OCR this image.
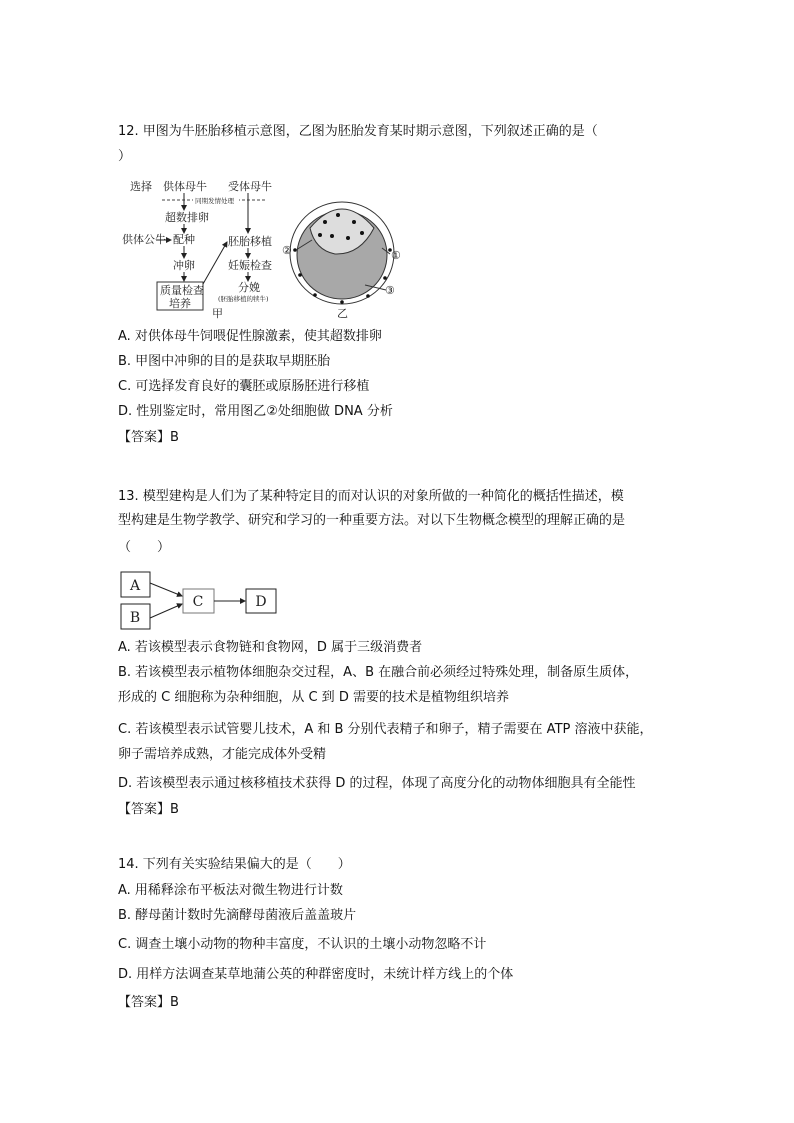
12. 甲图为牛胚胎移植示意图，乙图为胚胎发育某时期示意图，下列叙述正确的是（
）
选择 供体母牛 受体母牛
同期发情处理
超数排卵
供体公牛 配种
冲卵
质量检查
培养
胚胎移植
妊娠检查
分娩
(胚胎移植的犊牛)
甲	乙
②	①
③
A. 对供体母牛饲喂促性腺激素，使其超数排卵
B. 甲图中冲卵的目的是获取早期胚胎
C. 可选择发育良好的囊胚或原肠胚进行移植
D. 性别鉴定时，常用图乙②处细胞做 DNA 分析
【答案】B
13. 模型建构是人们为了某种特定目的而对认识的对象所做的一种简化的概括性描述，模
型构建是生物学教学、研究和学习的一种重要方法。对以下生物概念模型的理解正确的是
（　　）
A
B
C	D
A. 若该模型表示食物链和食物网，D 属于三级消费者
B. 若该模型表示植物体细胞杂交过程，A、B 在融合前必须经过特殊处理，制备原生质体，
形成的 C 细胞称为杂种细胞，从 C 到 D 需要的技术是植物组织培养
C. 若该模型表示试管婴儿技术，A 和 B 分别代表精子和卵子，精子需要在 ATP 溶液中获能，
卵子需培养成熟，才能完成体外受精
D. 若该模型表示通过核移植技术获得 D 的过程，体现了高度分化的动物体细胞具有全能性
【答案】B
14. 下列有关实验结果偏大的是（　　）
A. 用稀释涂布平板法对微生物进行计数
B. 酵母菌计数时先滴酵母菌液后盖盖玻片
C. 调查土壤小动物的物种丰富度，不认识的土壤小动物忽略不计
D. 用样方法调查某草地蒲公英的种群密度时，未统计样方线上的个体
【答案】B
